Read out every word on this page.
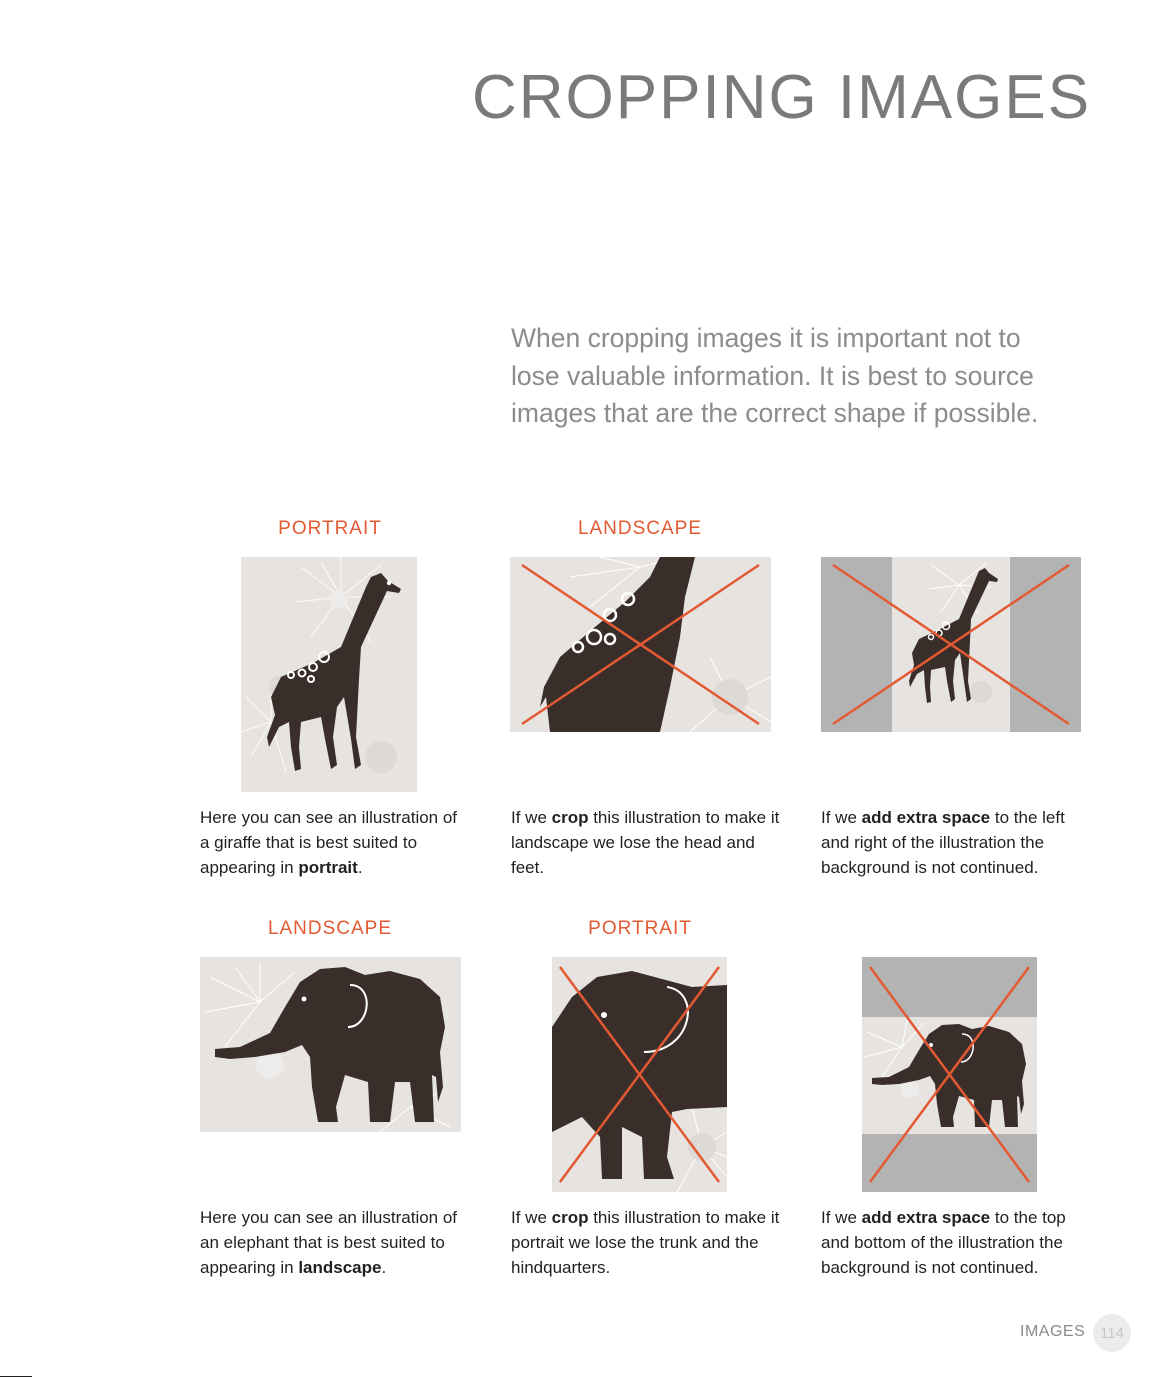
CROPPING IMAGES

When cropping images it is important not to lose valuable information. It is best to source images that are the correct shape if possible.

PORTRAIT	LANDSCAPE

Here you can see an illustration of a giraffe that is best suited to appearing in portrait.

If we crop this illustration to make it landscape we lose the head and feet.

If we add extra space to the left and right of the illustration the background is not continued.

LANDSCAPE	PORTRAIT

Here you can see an illustration of an elephant that is best suited to appearing in landscape.

If we crop this illustration to make it portrait we lose the trunk and the hindquarters.

If we add extra space to the top and bottom of the illustration the background is not continued.

IMAGES 114
